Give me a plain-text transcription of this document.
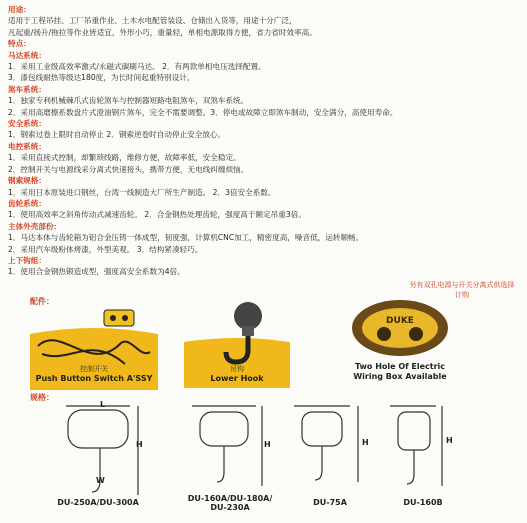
用途：
适用于工程吊挂、工厂吊重作业、土木水电配管装设、仓储出入货等，用途十分广泛，
凡起重/扬升/拖拉等作业皆适宜，外形小巧，重量轻，单相电源取得方便，省力省时效率高。
特点：
马达系统：
1．采用工业级高效率激式/永磁式碳刷马达。 2．有两款单相电压选择配置。
3．漆包线耐热等级达180度，为长时间起重特别设计。
煞车系统：
1．独家专利机械棘爪式齿轮煞车与控制器短路电阻煞车，双煞车系统。
2．采用高磨擦系数盘片式澄油钢片煞车，完全不需要调整。3．停电或故障立即煞车制动，安全满分，高使用寿命。
安全系统：
1．钢索过卷上限时自动停止 2．钢索逆卷时自动停止安全放心。
电控系统：
1．采用直接式控制，却繁琐线路，维修方便，故障率低，安全稳定。
2．控制开关与电源线采分离式快速接头，携带方便，无电线纠缠烦恼。
钢索规格：
1．采用日本原装进口钢丝，台湾一线制造大厂所生产制造。 2．3倍安全系数。
齿轮系统：
1．使用高效率之斜角传动式减速齿轮。 2．合金钢热处理齿轮，强度高于额定吊重3倍。
主体外壳部份：
1．马达本体与齿轮箱为铝合金压铸一体成型，韧度强，计算机CNC加工，精密度高，噪音低，运转顺畅。
2．采用汽车级粉体烤漆，外型美观。 3．结构紧凑轻巧。
上下钩组：
1．使用合金钢热锻造成型，强度高安全系数为4倍。
配件：
控制开关
Push Button Switch A'SSY
吊钩
Lower Hook
另有双孔电源与开关分离式供选择订购
DUKE
Two Hole Of Electric Wiring Box Available
规格：
H	H	H	H
L
W
DU-250A/DU-300A	DU-160A/DU-180A/ DU-230A
DU-75A	DU-160B
